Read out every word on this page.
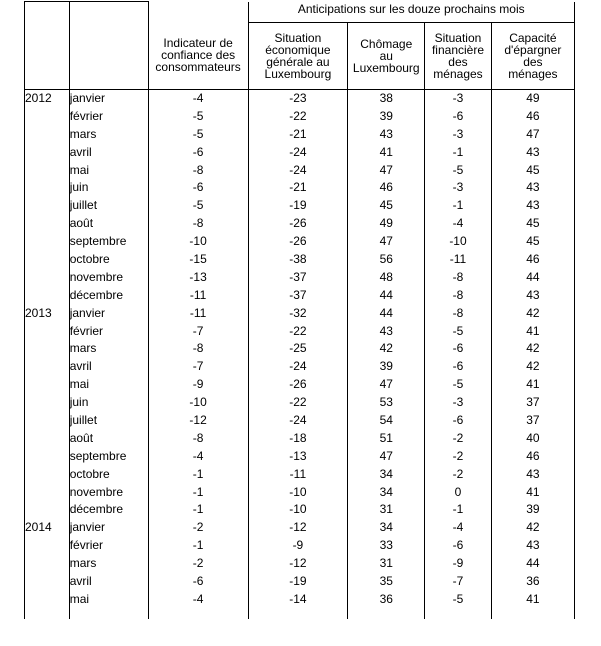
			Anticipations sur les douze prochains mois			

		Indicateur de
confiance des
consommateurs	Situation
économique
générale au
Luxembourg	Chômage
au
Luxembourg	Situation
financière
des
ménages	Capacité
d'épargner
des
ménages

2012	janvier	-4	-23	38	-3	49
	février	-5	-22	39	-6	46
	mars	-5	-21	43	-3	47
	avril	-6	-24	41	-1	43
	mai	-8	-24	47	-5	45
	juin	-6	-21	46	-3	43
	juillet	-5	-19	45	-1	43
	août	-8	-26	49	-4	45
	septembre	-10	-26	47	-10	45
	octobre	-15	-38	56	-11	46
	novembre	-13	-37	48	-8	44
	décembre	-11	-37	44	-8	43
2013	janvier	-11	-32	44	-8	42
	février	-7	-22	43	-5	41
	mars	-8	-25	42	-6	42
	avril	-7	-24	39	-6	42
	mai	-9	-26	47	-5	41
	juin	-10	-22	53	-3	37
	juillet	-12	-24	54	-6	37
	août	-8	-18	51	-2	40
	septembre	-4	-13	47	-2	46
	octobre	-1	-11	34	-2	43
	novembre	-1	-10	34	0	41
	décembre	-1	-10	31	-1	39
2014	janvier	-2	-12	34	-4	42
	février	-1	-9	33	-6	43
	mars	-2	-12	31	-9	44
	avril	-6	-19	35	-7	36
	mai	-4	-14	36	-5	41
